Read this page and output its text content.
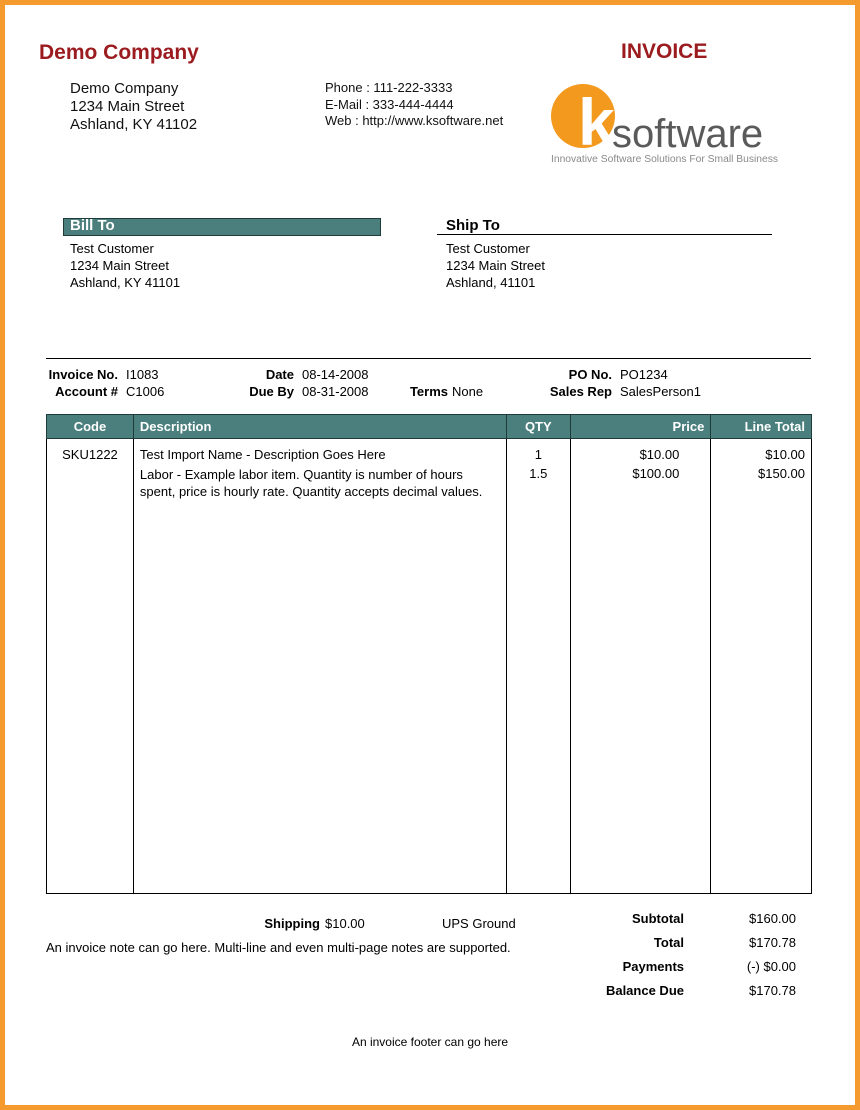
Demo Company	INVOICE
Demo Company
1234 Main Street
Ashland, KY 41102
Phone : 111-222-3333
E-Mail : 333-444-4444
Web : http://www.ksoftware.net k
software
Innovative Software Solutions For Small Business
Bill To	Ship To
Test Customer
1234 Main Street
Ashland, KY 41101
Test Customer
1234 Main Street
Ashland, 41101
Invoice No. I1083	Date 08-14-2008	PO No. PO1234
Account # C1006	Due By 08-31-2008	Terms None	Sales Rep SalesPerson1
Code	Description	QTY	Price	Line Total
SKU1222	Test Import Name - Description Goes Here	1	$10.00	$10.00
	Labor - Example labor item. Quantity is number of hours spent, price is hourly rate. Quantity accepts decimal values.	1.5	$100.00	$150.00
Shipping $10.00	UPS Ground
An invoice note can go here. Multi-line and even multi-page notes are supported.
Subtotal	$160.00
Total	$170.78
Payments	(-) $0.00
Balance Due	$170.78
An invoice footer can go here
